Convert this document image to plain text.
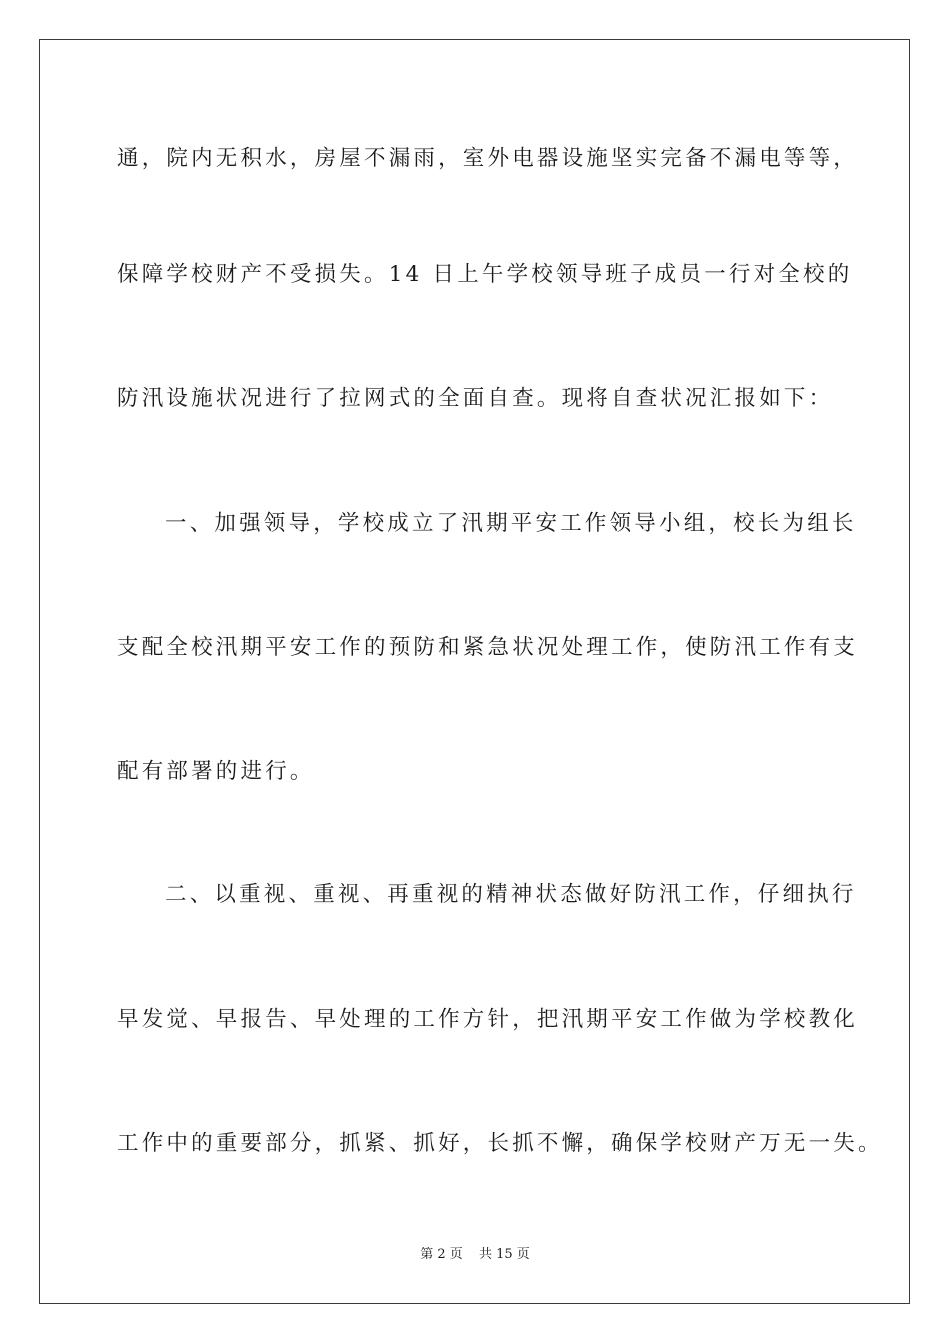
通，院内无积水，房屋不漏雨，室外电器设施坚实完备不漏电等等，
保障学校财产不受损失。14 日上午学校领导班子成员一行对全校的
防汛设施状况进行了拉网式的全面自查。现将自查状况汇报如下：
一、加强领导，学校成立了汛期平安工作领导小组，校长为组长
支配全校汛期平安工作的预防和紧急状况处理工作，使防汛工作有支
配有部署的进行。
二、以重视、重视、再重视的精神状态做好防汛工作，仔细执行
早发觉、早报告、早处理的工作方针，把汛期平安工作做为学校教化
工作中的重要部分，抓紧、抓好，长抓不懈，确保学校财产万无一失。
第 2 页 共 15 页
